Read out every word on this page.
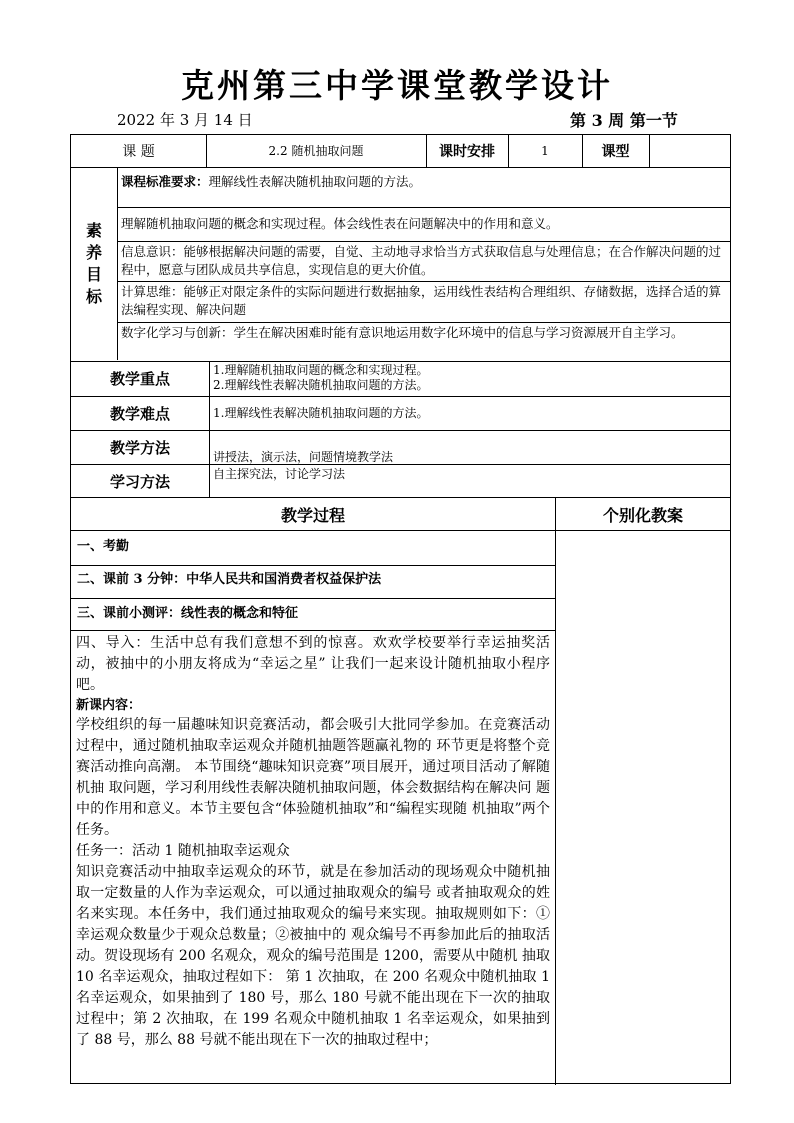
克州第三中学课堂教学设计
2022 年 3 月 14 日	第 3 周 第一节
课 题	2.2 随机抽取问题	课时安排	1	课型
素
养
目
标
课程标准要求：理解线性表解决随机抽取问题的方法。
理解随机抽取问题的概念和实现过程。体会线性表在问题解决中的作用和意义。
信息意识：能够根据解决问题的需要，自觉、主动地寻求恰当方式获取信息与处理信息；在合作解决问题的过程中，愿意与团队成员共享信息，实现信息的更大价值。
计算思维：能够正对限定条件的实际问题进行数据抽象，运用线性表结构合理组织、存储数据，选择合适的算法编程实现、解决问题
数字化学习与创新：学生在解决困难时能有意识地运用数字化环境中的信息与学习资源展开自主学习。
教学重点	1.理解随机抽取问题的概念和实现过程。
2.理解线性表解决随机抽取问题的方法。
教学难点	1.理解线性表解决随机抽取问题的方法。
教学方法	讲授法，演示法，问题情境教学法
学习方法	自主探究法，讨论学习法
教学过程	个别化教案
一、考勤
二、课前 3 分钟：中华人民共和国消费者权益保护法
三、课前小测评：线性表的概念和特征
四、导入：生活中总有我们意想不到的惊喜。欢欢学校要举行幸运抽奖活动，被抽中的小朋友将成为“幸运之星” 让我们一起来设计随机抽取小程序吧。
新课内容：
学校组织的每一届趣味知识竞赛活动，都会吸引大批同学参加。在竞赛活动过程中，通过随机抽取幸运观众并随机抽题答题赢礼物的 环节更是将整个竞赛活动推向高潮。 本节围绕“趣味知识竞赛”项目展开，通过项目活动了解随机抽 取问题，学习利用线性表解决随机抽取问题，体会数据结构在解决问 题中的作用和意义。本节主要包含“体验随机抽取”和“编程实现随 机抽取”两个任务。
任务一：活动 1 随机抽取幸运观众
知识竞赛活动中抽取幸运观众的环节，就是在参加活动的现场观众中随机抽取一定数量的人作为幸运观众，可以通过抽取观众的编号 或者抽取观众的姓名来实现。本任务中，我们通过抽取观众的编号来实现。抽取规则如下：①幸运观众数量少于观众总数量；②被抽中的 观众编号不再参加此后的抽取活动。贺设现场有 200 名观众，观众的编号范围是 1200，需要从中随机 抽取 10 名幸运观众，抽取过程如下： 第 1 次抽取，在 200 名观众中随机抽取 1 名幸运观众，如果抽到了 180 号，那么 180 号就不能出现在下一次的抽取过程中；第 2 次抽取，在 199 名观众中随机抽取 1 名幸运观众，如果抽到了 88 号，那么 88 号就不能出现在下一次的抽取过程中；
